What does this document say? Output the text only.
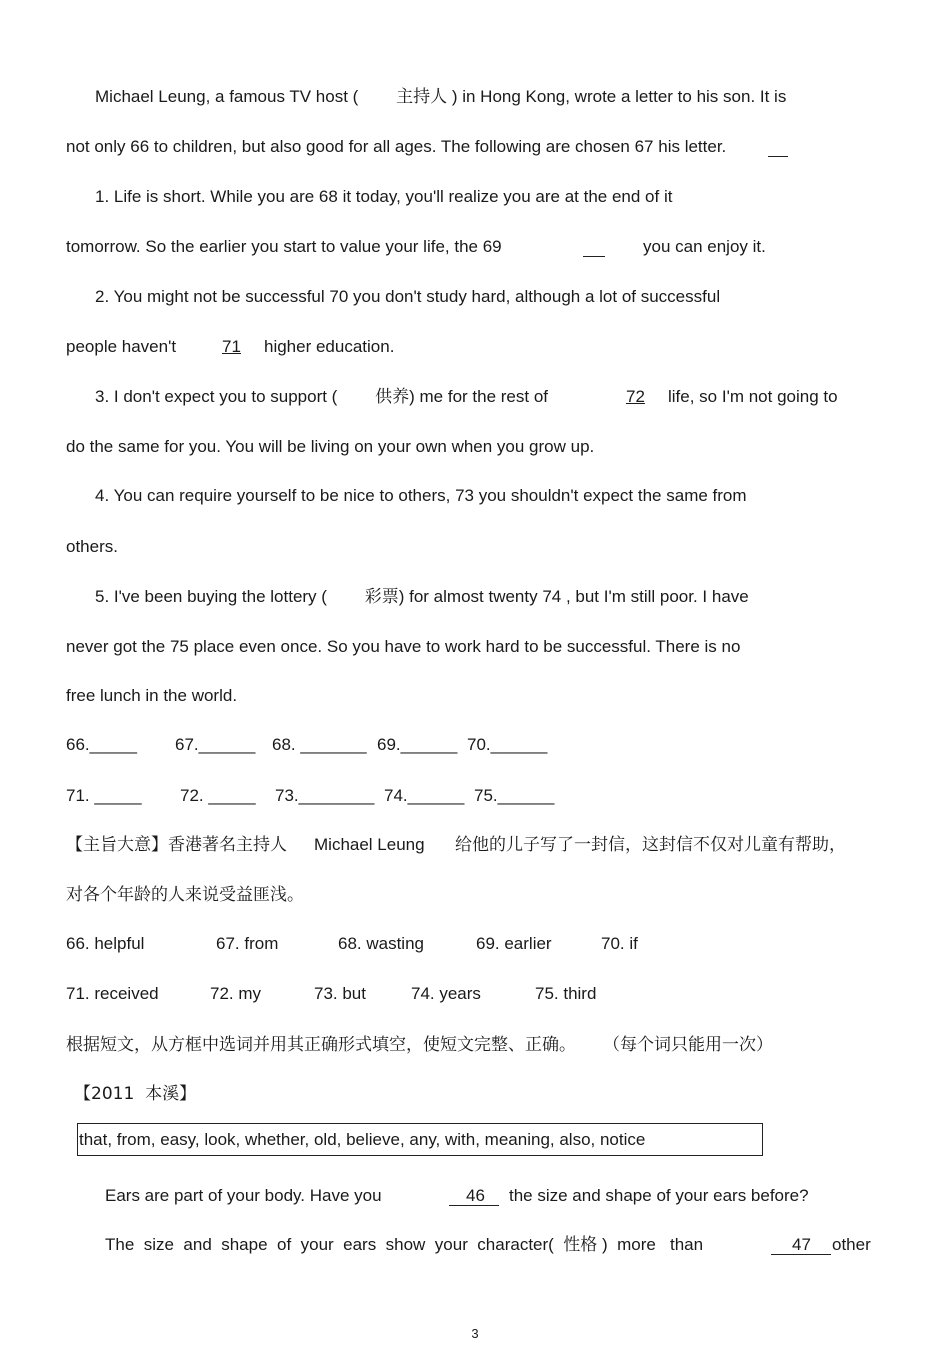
Michael Leung, a famous TV host (        主持人 ) in Hong Kong, wrote a letter to his son. It is
not only 66 to children, but also good for all ages. The following are chosen 67 his letter.
1. Life is short. While you are 68 it today, you'll realize you are at the end of it
tomorrow. So the earlier you start to value your life, the 69	you can enjoy it.
2. You might not be successful 70 you don't study hard, although a lot of successful
people haven't	71 higher education.
3. I don't expect you to support (        供养) me for the rest of	72 life, so I'm not going to
do the same for you. You will be living on your own when you grow up.
4. You can require yourself to be nice to others, 73 you shouldn't expect the same from
others.
5. I've been buying the lottery (        彩票) for almost twenty 74 , but I'm still poor. I have
never got the 75 place even once. So you have to work hard to be successful. There is no
free lunch in the world.
66._____ 67.______ 68. _______ 69.______ 70.______
71. _____ 72. _____ 73.________ 74.______ 75.______
【主旨大意】香港著名主持人 Michael Leung 给他的儿子写了一封信，这封信不仅对儿童有帮助，
对各个年龄的人来说受益匪浅。
66. helpful	67. from	68. wasting	69. earlier	70. if
71. received	72. my	73. but	74. years	75. third
根据短文，从方框中选词并用其正确形式填空，使短文完整、正确。     （每个词只能用一次）
【2011  本溪】
that, from, easy, look, whether, old, believe, any, with, meaning, also, notice
Ears are part of your body. Have you	46 the size and shape of your ears before?
The  size  and  shape  of  your  ears  show  your  character(  性格 )  more   than	47 other
3
